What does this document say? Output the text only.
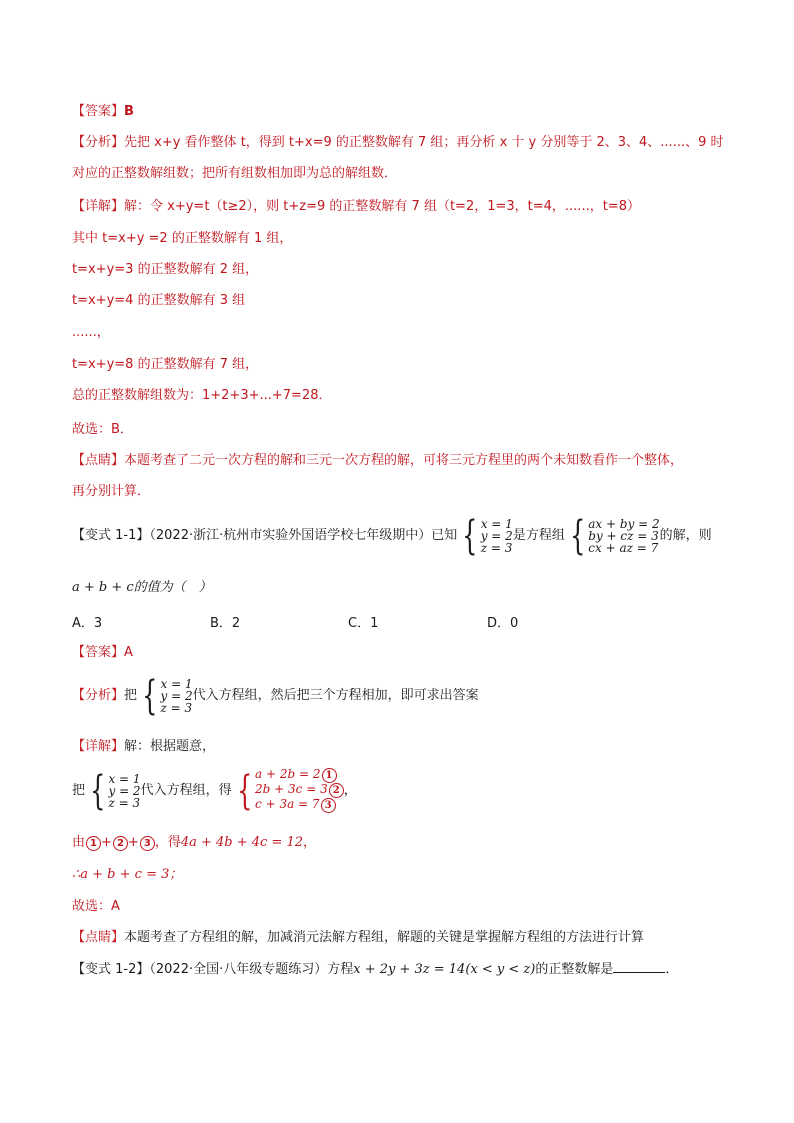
【答案】B
【分析】先把 x+y 看作整体 t，得到 t+x=9 的正整数解有 7 组；再分析 x 十 y 分别等于 2、3、4、......、9 时
对应的正整数解组数；把所有组数相加即为总的解组数．
【详解】解：令 x+y=t（t≥2），则 t+z=9 的正整数解有 7 组（t=2，1=3，t=4，......，t=8）
其中 t=x+y =2 的正整数解有 1 组，
t=x+y=3 的正整数解有 2 组，
t=x+y=4 的正整数解有 3 组
......，
t=x+y=8 的正整数解有 7 组，
总的正整数解组数为：1+2+3+...+7=28．
故选：B．
【点睛】本题考查了二元一次方程的解和三元一次方程的解，可将三元方程里的两个未知数看作一个整体，
再分别计算．
【变式 1-1】（2022·浙江·杭州市实验外国语学校七年级期中）已知 { x = 1
y = 2
z = 3
是方程组 { ax + by = 2
by + cz = 3
cx + az = 7
的解，则
a + b + c的值为（　）
A．3	B．2	C．1	D．0
【答案】A
【分析】把 { x = 1
y = 2
z = 3
代入方程组，然后把三个方程相加，即可求出答案
【详解】解：根据题意，
把 { x = 1
y = 2
z = 3
代入方程组，得 { a + 2b = 2 1
2b + 3c = 3 2
c + 3a = 7 3
，
由 1 + 2 + 3 ，得4a + 4b + 4c = 12，
∴a + b + c = 3；
故选：A
【点睛】本题考查了方程组的解，加减消元法解方程组，解题的关键是掌握解方程组的方法进行计算
【变式 1-2】（2022·全国·八年级专题练习）方程x + 2y + 3z = 14(x < y < z)的正整数解是	．
